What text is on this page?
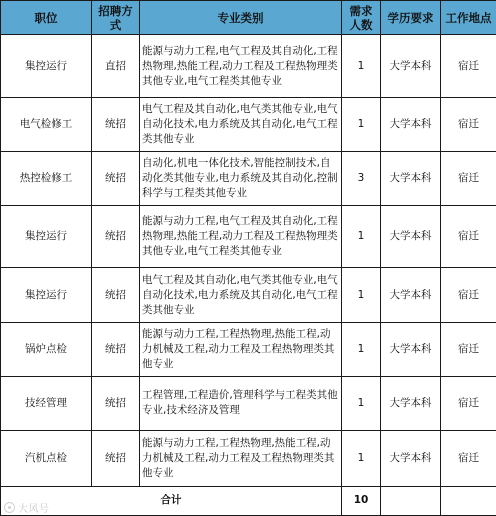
职位	招聘方式	专业类别	需求人数	学历要求	工作地点
集控运行	直招	能源与动力工程,电气工程及其自动化,工程热物理,热能工程,动力工程及工程热物理类其他专业,电气工程类其他专业	1	大学本科	宿迁
电气检修工	统招	电气工程及其自动化,电气类其他专业,电气自动化技术,电力系统及其自动化,电气工程类其他专业	1	大学本科	宿迁
热控检修工	统招	自动化,机电一体化技术,智能控制技术,自动化类其他专业,电力系统及其自动化,控制科学与工程类其他专业	3	大学本科	宿迁
集控运行	统招	能源与动力工程,电气工程及其自动化,工程热物理,热能工程,动力工程及工程热物理类其他专业,电气工程类其他专业	1	大学本科	宿迁
集控运行	统招	电气工程及其自动化,电气类其他专业,电气自动化技术,电力系统及其自动化,电气工程类其他专业	1	大学本科	宿迁
锅炉点检	统招	能源与动力工程,工程热物理,热能工程,动力机械及工程,动力工程及工程热物理类其他专业	1	大学本科	宿迁
技经管理	统招	工程管理,工程造价,管理科学与工程类其他专业,技术经济及管理	1	大学本科	宿迁
汽机点检	统招	能源与动力工程,工程热物理,热能工程,动力机械及工程,动力工程及工程热物理类其他专业	1	大学本科	宿迁
合计			10		
大风号
